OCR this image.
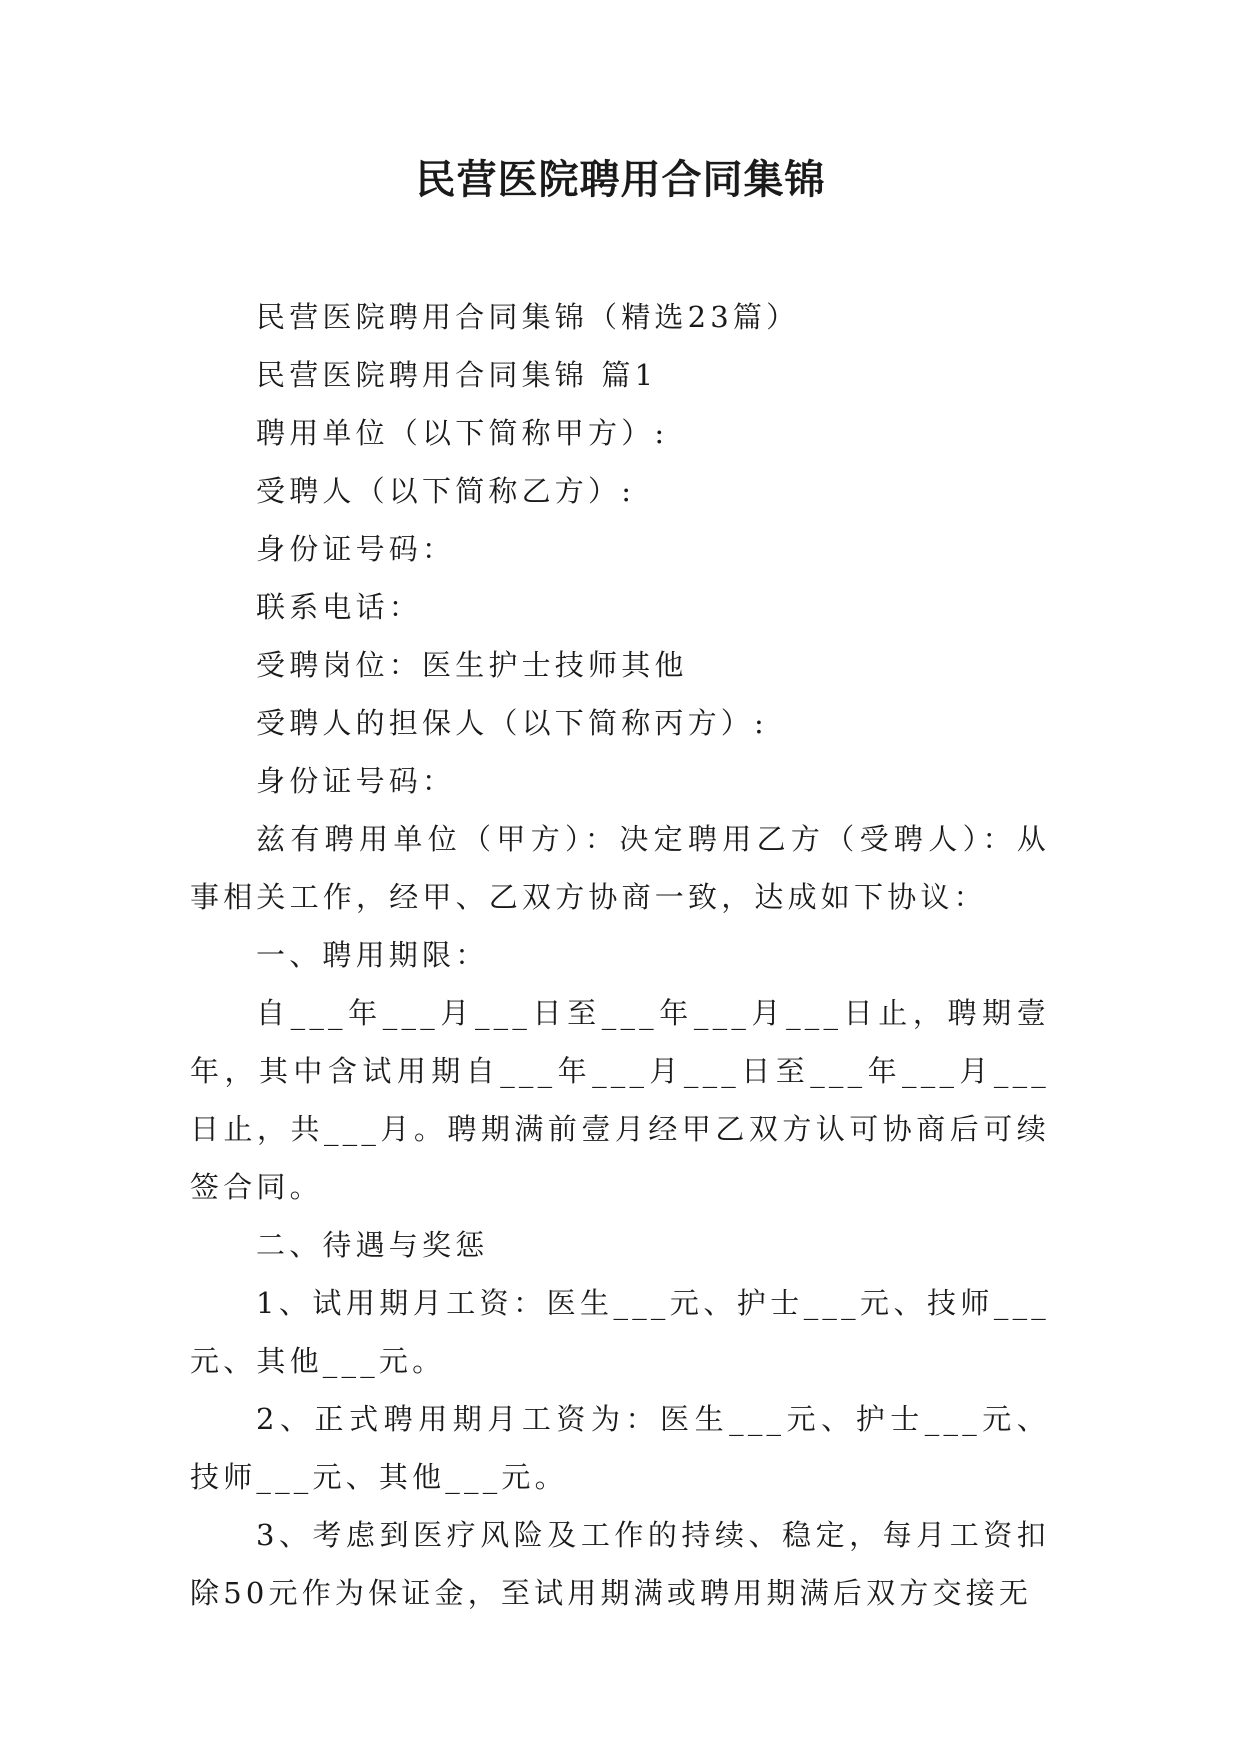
民营医院聘用合同集锦

民营医院聘用合同集锦（精选23篇）

民营医院聘用合同集锦 篇1

聘用单位（以下简称甲方）:

受聘人（以下简称乙方）:

身份证号码：

联系电话：

受聘岗位：医生护士技师其他

受聘人的担保人（以下简称丙方）:

身份证号码：

兹有聘用单位（甲方）：决定聘用乙方（受聘人）：从事相关工作，经甲、乙双方协商一致，达成如下协议：

一、聘用期限：

自___年___月___日至___年___月___日止，聘期壹年，其中含试用期自___年___月___日至___年___月___日止，共___月。聘期满前壹月经甲乙双方认可协商后可续签合同。

二、待遇与奖惩

1、试用期月工资：医生___元、护士___元、技师___元、其他___元。

2、正式聘用期月工资为：医生___元、护士___元、技师___元、其他___元。

3、考虑到医疗风险及工作的持续、稳定，每月工资扣除50元作为保证金，至试用期满或聘用期满后双方交接无
